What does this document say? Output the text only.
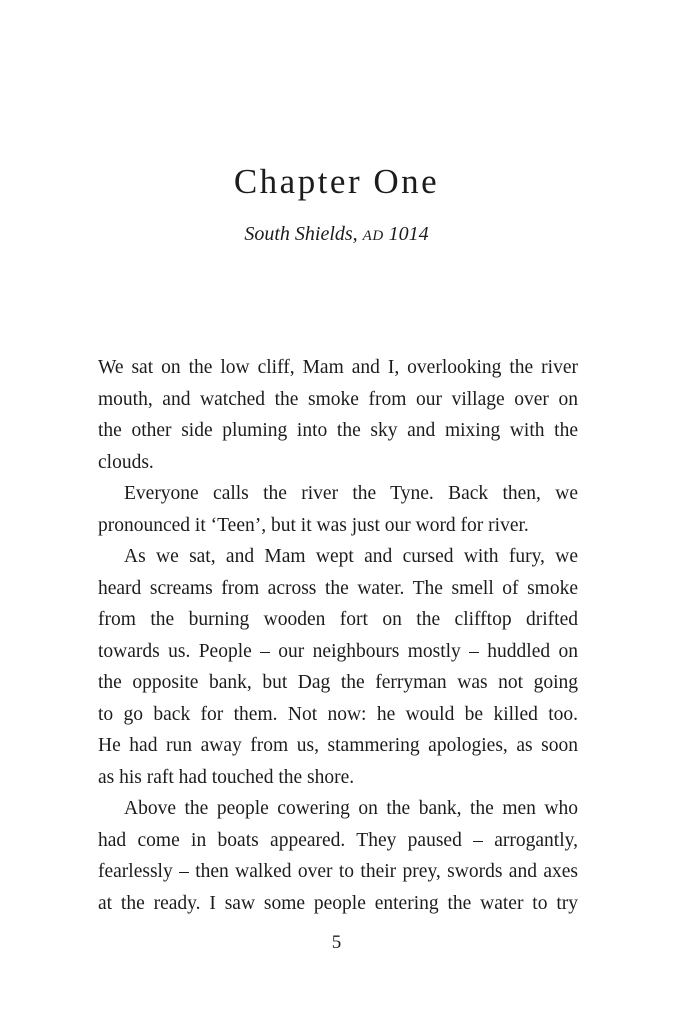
Chapter One
South Shields, AD 1014
We sat on the low cliff, Mam and I, overlooking the river
mouth, and watched the smoke from our village over on
the other side pluming into the sky and mixing with the
clouds.
Everyone calls the river the Tyne. Back then, we
pronounced it ‘Teen’, but it was just our word for river.
As we sat, and Mam wept and cursed with fury, we
heard screams from across the water. The smell of smoke
from the burning wooden fort on the clifftop drifted
towards us. People – our neighbours mostly – huddled on
the opposite bank, but Dag the ferryman was not going
to go back for them. Not now: he would be killed too.
He had run away from us, stammering apologies, as soon
as his raft had touched the shore.
Above the people cowering on the bank, the men who
had come in boats appeared. They paused – arrogantly,
fearlessly – then walked over to their prey, swords and axes
at the ready. I saw some people entering the water to try
5
